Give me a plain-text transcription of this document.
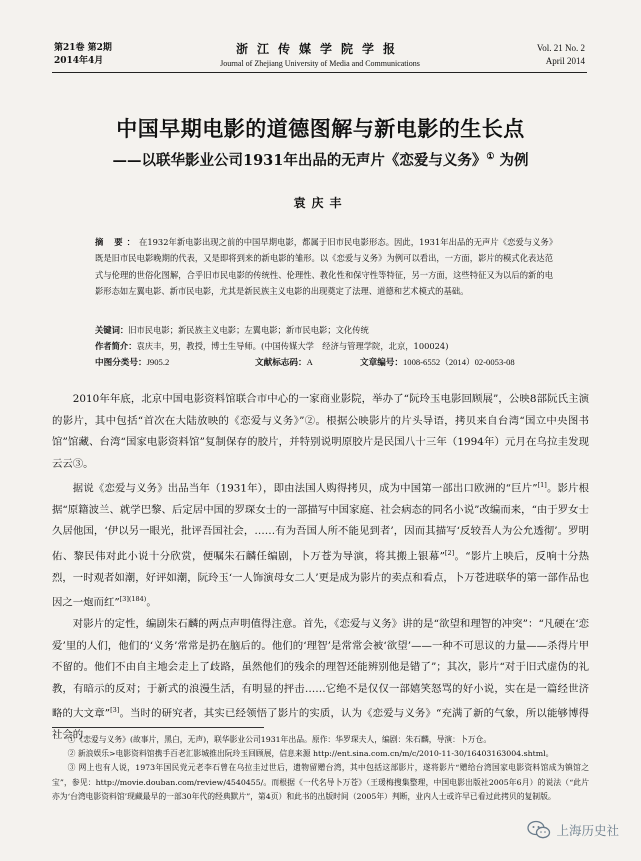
第21卷 第2期
2014年4月
浙江传媒学院学报
Journal of Zhejiang University of Media and Communications
Vol. 21 No. 2
April 2014
中国早期电影的道德图解与新电影的生长点
——以联华影业公司1931年出品的无声片《恋爱与义务》① 为例
袁庆丰
摘 要：在1932年新电影出现之前的中国早期电影，都属于旧市民电影形态。因此，1931年出品的无声片《恋爱与义务》既是旧市民电影晚期的代表，又是即将到来的新电影的雏形。以《恋爱与义务》为例可以看出，一方面，影片的模式化表达范式与伦理的世俗化图解，合乎旧市民电影的传统性、伦理性、教化性和保守性等特征，另一方面，这些特征又为以后的新的电影形态如左翼电影、新市民电影，尤其是新民族主义电影的出现奠定了法理、道德和艺术模式的基础。
关键词：旧市民电影；新民族主义电影；左翼电影；新市民电影；文化传统
作者简介：袁庆丰，男，教授，博士生导师。(中国传媒大学　经济与管理学院，北京，100024)
中图分类号：J905.2	文献标志码：A	文章编号：1008-6552（2014）02-0053-08

2010年年底，北京中国电影资料馆联合市中心的一家商业影院，举办了“阮玲玉电影回顾展”，公映8部阮氏主演的影片，其中包括“首次在大陆放映的《恋爱与义务》”②。根据公映影片的片头导语，拷贝来自台湾“国立中央图书馆”馆藏、台湾“国家电影资料馆”复制保存的胶片，并特别说明原胶片是民国八十三年（1994年）元月在乌拉圭发现云云③。

据说《恋爱与义务》出品当年（1931年），即由法国人购得拷贝，成为中国第一部出口欧洲的“巨片”[1]。影片根据“原籍波兰、就学巴黎、后定居中国的罗琛女士的一部描写中国家庭、社会病态的同名小说”改编而来，“由于罗女士久居他国，‘伊以另一眼光，批评吾国社会，……有为吾国人所不能见到者’，因而其描写‘反较吾人为公允透彻’。罗明佑、黎民伟对此小说十分欣赏，便嘱朱石麟任编剧，卜万苍为导演，将其搬上银幕”[2]。“影片上映后，反响十分热烈，一时观者如潮，好评如潮，阮玲玉‘一人饰演母女二人’更是成为影片的卖点和看点，卜万苍进联华的第一部作品也因之一炮而红”$^{[3](184)}$。

对影片的定性，编剧朱石麟的两点声明值得注意。首先，《恋爱与义务》讲的是“欲望和理智的冲突”：“凡硬在‘恋爱’里的人们，他们的‘义务’常常是扔在脑后的。他们的‘理智’是常常会被‘欲望’——一种不可思议的力量——杀得片甲不留的。他们不由自主地会走上了歧路，虽然他们的残余的理智还能辨别他是错了”；其次，影片“对于旧式虚伪的礼教，有暗示的反对；于新式的浪漫生活，有明显的抨击……它绝不是仅仅一部嬉笑怒骂的好小说，实在是一篇经世济略的大文章”[3]。当时的研究者，其实已经领悟了影片的实质，认为《恋爱与义务》“充满了新的气象，所以能够博得社会的

①《恋爱与义务》(故事片，黑白，无声)，联华影业公司1931年出品。原作：华罗琛夫人，编剧：朱石麟，导演：卜万仓。

② 新浪娱乐>电影资料馆携手百老汇影城推出阮玲玉回顾展，信息来源 http://ent.sina.com.cn/m/c/2010-11-30/16403163004.shtml。

③ 网上也有人说，1973年国民党元老李石曾在乌拉圭过世后，遗物留赠台湾，其中包括这部影片，遂将影片“赠给台湾国家电影资料馆成为镇馆之宝”，参见：http://movie.douban.com/review/4540455/。而根据《一代名导卜万苍》（王瑗梅搜集整理，中国电影出版社2005年6月）的说法（“此片亦为‘台湾电影资料馆’现藏最早的一部30年代的经典默片”，第4页）和此书的出版时间（2005年）判断，业内人士或许早已看过此拷贝的复制版。

上海历史社
